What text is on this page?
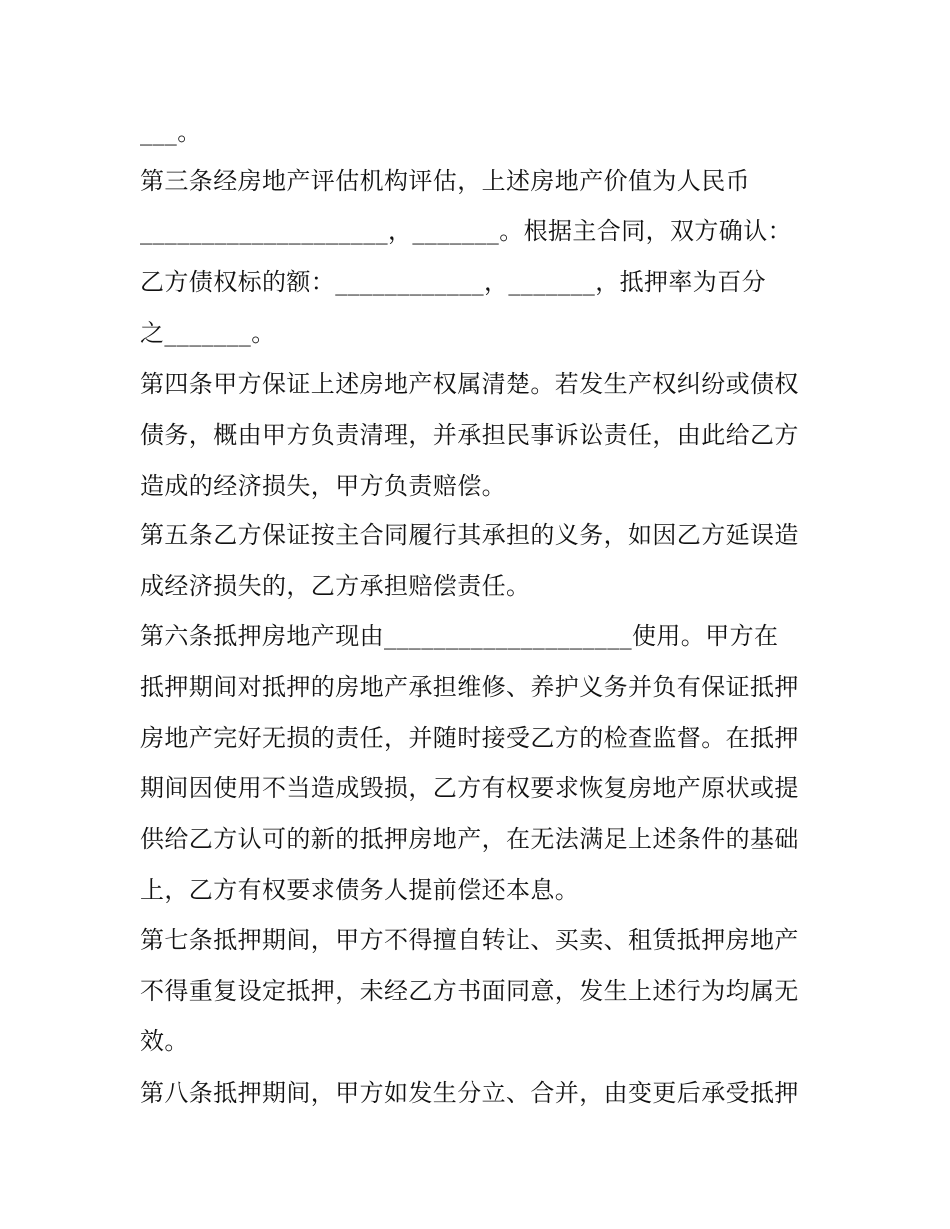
___。
第三条经房地产评估机构评估，上述房地产价值为人民币
____________________，_______。根据主合同，双方确认：
乙方债权标的额：____________，_______，抵押率为百分
之_______。
第四条甲方保证上述房地产权属清楚。若发生产权纠纷或债权
债务，概由甲方负责清理，并承担民事诉讼责任，由此给乙方
造成的经济损失，甲方负责赔偿。
第五条乙方保证按主合同履行其承担的义务，如因乙方延误造
成经济损失的，乙方承担赔偿责任。
第六条抵押房地产现由____________________使用。甲方在
抵押期间对抵押的房地产承担维修、养护义务并负有保证抵押
房地产完好无损的责任，并随时接受乙方的检查监督。在抵押
期间因使用不当造成毁损，乙方有权要求恢复房地产原状或提
供给乙方认可的新的抵押房地产，在无法满足上述条件的基础
上，乙方有权要求债务人提前偿还本息。
第七条抵押期间，甲方不得擅自转让、买卖、租赁抵押房地产
不得重复设定抵押，未经乙方书面同意，发生上述行为均属无
效。
第八条抵押期间，甲方如发生分立、合并，由变更后承受抵押
